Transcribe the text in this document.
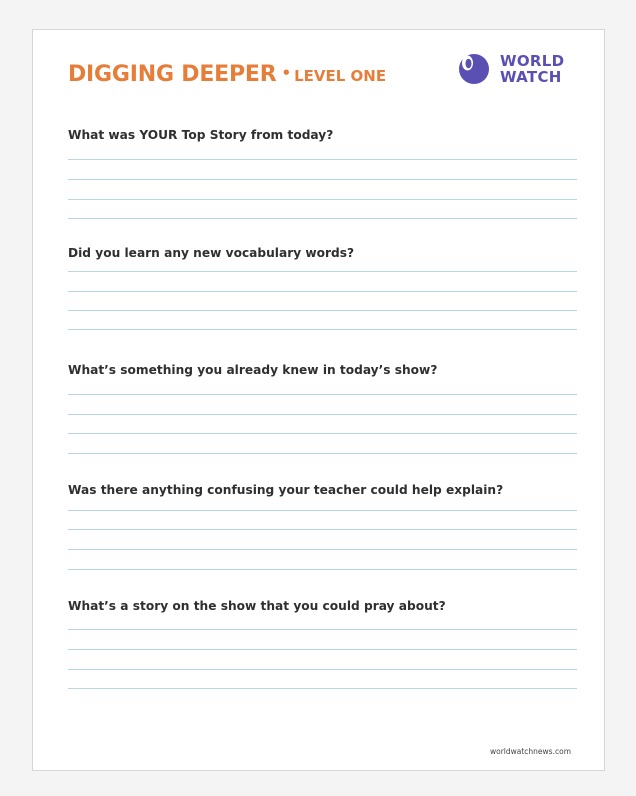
DIGGING DEEPER • LEVEL ONE
WORLD
WATCH

What was YOUR Top Story from today?

Did you learn any new vocabulary words?

What’s something you already knew in today’s show?

Was there anything confusing your teacher could help explain?

What’s a story on the show that you could pray about?

worldwatchnews.com
